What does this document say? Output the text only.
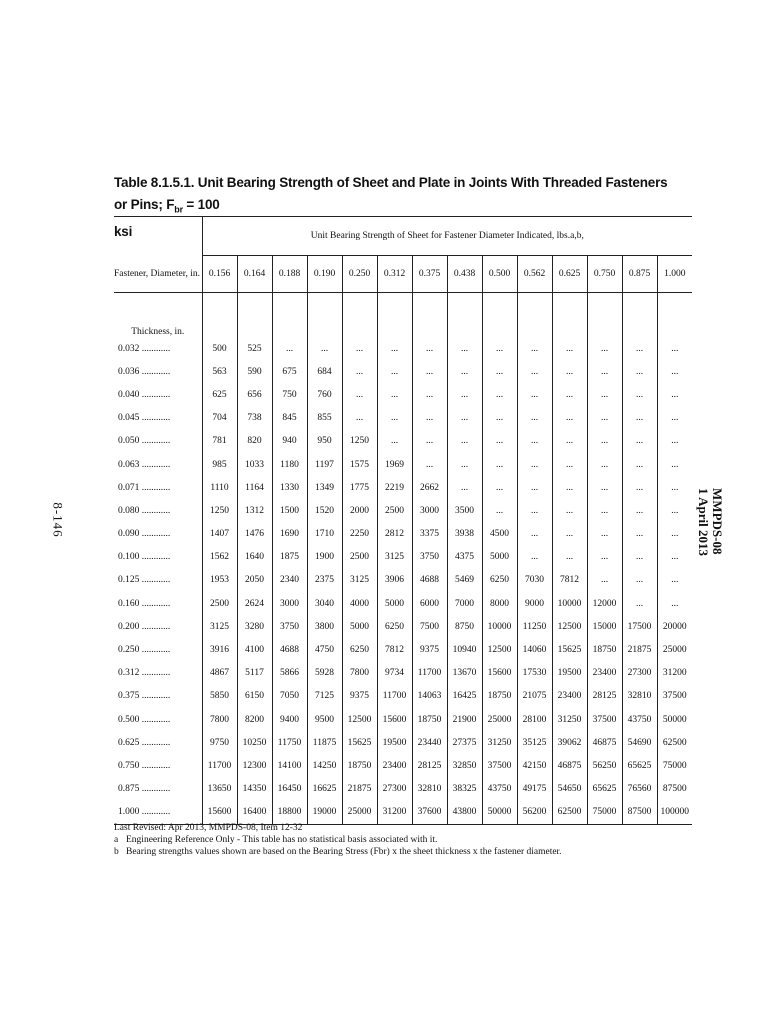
Table 8.1.5.1. Unit Bearing Strength of Sheet and Plate in Joints With Threaded Fasteners or Pins; $F_{br} = 100$
ksi
8-146	MMPDS-08
1 April 2013
	Unit Bearing Strength of Sheet for Fastener Diameter Indicated, lbs.a,b,													
Fastener, Diameter, in.	0.156	0.164	0.188	0.190	0.250	0.312	0.375	0.438	0.500	0.562	0.625	0.750	0.875	1.000
Thickness, in.														
0.032 ............	500	525	...	...	...	...	...	...	...	...	...	...	...	...
0.036 ............	563	590	675	684	...	...	...	...	...	...	...	...	...	...
0.040 ............	625	656	750	760	...	...	...	...	...	...	...	...	...	...
0.045 ............	704	738	845	855	...	...	...	...	...	...	...	...	...	...
0.050 ............	781	820	940	950	1250	...	...	...	...	...	...	...	...	...
0.063 ............	985	1033	1180	1197	1575	1969	...	...	...	...	...	...	...	...
0.071 ............	1110	1164	1330	1349	1775	2219	2662	...	...	...	...	...	...	...
0.080 ............	1250	1312	1500	1520	2000	2500	3000	3500	...	...	...	...	...	...
0.090 ............	1407	1476	1690	1710	2250	2812	3375	3938	4500	...	...	...	...	...
0.100 ............	1562	1640	1875	1900	2500	3125	3750	4375	5000	...	...	...	...	...
0.125 ............	1953	2050	2340	2375	3125	3906	4688	5469	6250	7030	7812	...	...	...
0.160 ............	2500	2624	3000	3040	4000	5000	6000	7000	8000	9000	10000	12000	...	...
0.200 ............	3125	3280	3750	3800	5000	6250	7500	8750	10000	11250	12500	15000	17500	20000
0.250 ............	3916	4100	4688	4750	6250	7812	9375	10940	12500	14060	15625	18750	21875	25000
0.312 ............	4867	5117	5866	5928	7800	9734	11700	13670	15600	17530	19500	23400	27300	31200
0.375 ............	5850	6150	7050	7125	9375	11700	14063	16425	18750	21075	23400	28125	32810	37500
0.500 ............	7800	8200	9400	9500	12500	15600	18750	21900	25000	28100	31250	37500	43750	50000
0.625 ............	9750	10250	11750	11875	15625	19500	23440	27375	31250	35125	39062	46875	54690	62500
0.750 ............	11700	12300	14100	14250	18750	23400	28125	32850	37500	42150	46875	56250	65625	75000
0.875 ............	13650	14350	16450	16625	21875	27300	32810	38325	43750	49175	54650	65625	76560	87500
1.000 ............	15600	16400	18800	19000	25000	31200	37600	43800	50000	56200	62500	75000	87500	100000
Last Revised: Apr 2013, MMPDS-08, Item 12-32
a Engineering Reference Only - This table has no statistical basis associated with it.
b Bearing strengths values shown are based on the Bearing Stress (Fbr) x the sheet thickness x the fastener diameter.
